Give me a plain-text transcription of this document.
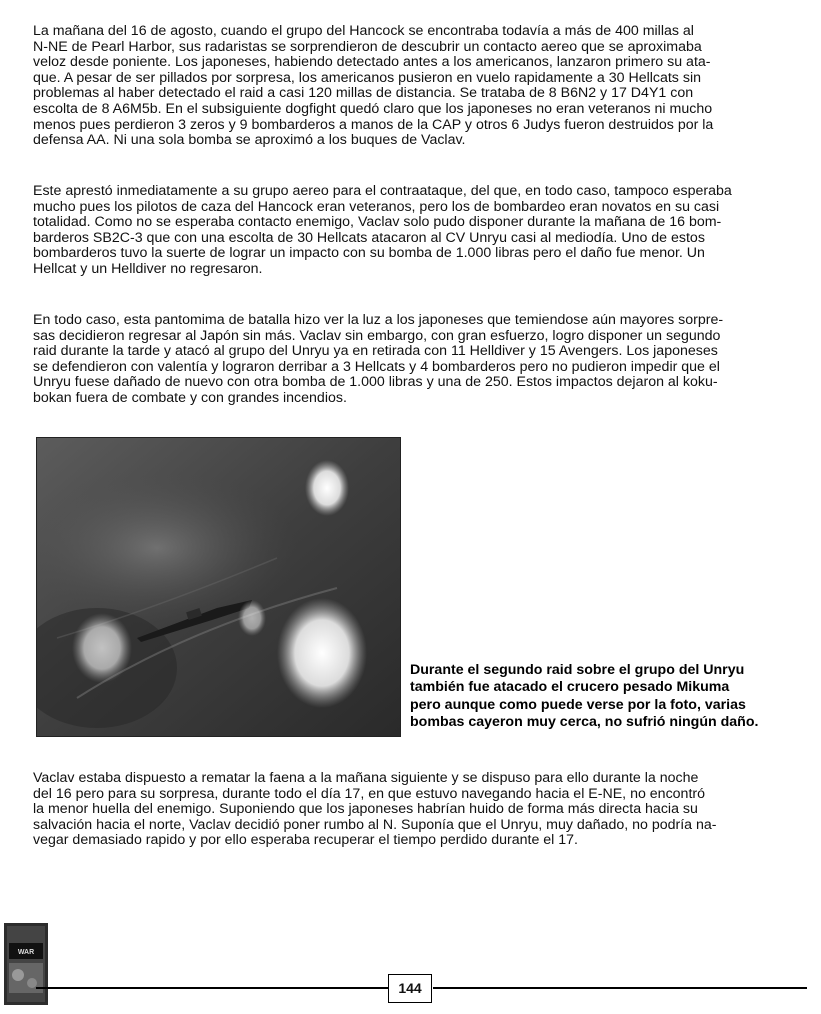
La mañana del 16 de agosto, cuando el grupo del Hancock se encontraba todavía a más de 400 millas al
N-NE de Pearl Harbor, sus radaristas se sorprendieron de descubrir un contacto aereo que se aproximaba
veloz desde poniente. Los japoneses, habiendo detectado antes a los americanos, lanzaron primero su ata-
que. A pesar de ser pillados por sorpresa, los americanos pusieron en vuelo rapidamente a 30 Hellcats sin
problemas al haber detectado el raid a casi 120 millas de distancia. Se trataba de 8 B6N2 y 17 D4Y1 con
escolta de 8 A6M5b. En el subsiguiente dogfight quedó claro que los japoneses no eran veteranos ni mucho
menos pues perdieron 3 zeros y 9 bombarderos a manos de la CAP y otros 6 Judys fueron destruidos por la
defensa AA. Ni una sola bomba se aproximó a los buques de Vaclav.

Este aprestó inmediatamente a su grupo aereo para el contraataque, del que, en todo caso, tampoco esperaba
mucho pues los pilotos de caza del Hancock eran veteranos, pero los de bombardeo eran novatos en su casi
totalidad. Como no se esperaba contacto enemigo, Vaclav solo pudo disponer durante la mañana de 16 bom-
barderos SB2C-3 que con una escolta de 30 Hellcats atacaron al CV Unryu casi al mediodía. Uno de estos
bombarderos tuvo la suerte de lograr un impacto con su bomba de 1.000 libras pero el daño fue menor. Un
Hellcat y un Helldiver no regresaron.

En todo caso, esta pantomima de batalla hizo ver la luz a los japoneses que temiendose aún mayores sorpre-
sas decidieron regresar al Japón sin más. Vaclav sin embargo, con gran esfuerzo, logro disponer un segundo
raid durante la tarde y atacó al grupo del Unryu ya en retirada con 11 Helldiver y 15 Avengers. Los japoneses
se defendieron con valentía y lograron derribar a 3 Hellcats y 4 bombarderos pero no pudieron impedir que el
Unryu fuese dañado de nuevo con otra bomba de 1.000 libras y una de 250. Estos impactos dejaron al koku-
bokan fuera de combate y con grandes incendios.

Durante el segundo raid sobre el grupo del Unryu
también fue atacado el crucero pesado Mikuma
pero aunque como puede verse por la foto, varias
bombas cayeron muy cerca, no sufrió ningún daño.

Vaclav estaba dispuesto a rematar la faena a la mañana siguiente y se dispuso para ello durante la noche
del 16 pero para su sorpresa, durante todo el día 17, en que estuvo navegando hacia el E-NE, no encontró
la menor huella del enemigo. Suponiendo que los japoneses habrían huido de forma más directa hacia su
salvación hacia el norte, Vaclav decidió poner rumbo al N. Suponía que el Unryu, muy dañado, no podría na-
vegar demasiado rapido y por ello esperaba recuperar el tiempo perdido durante el 17.

WAR
144
